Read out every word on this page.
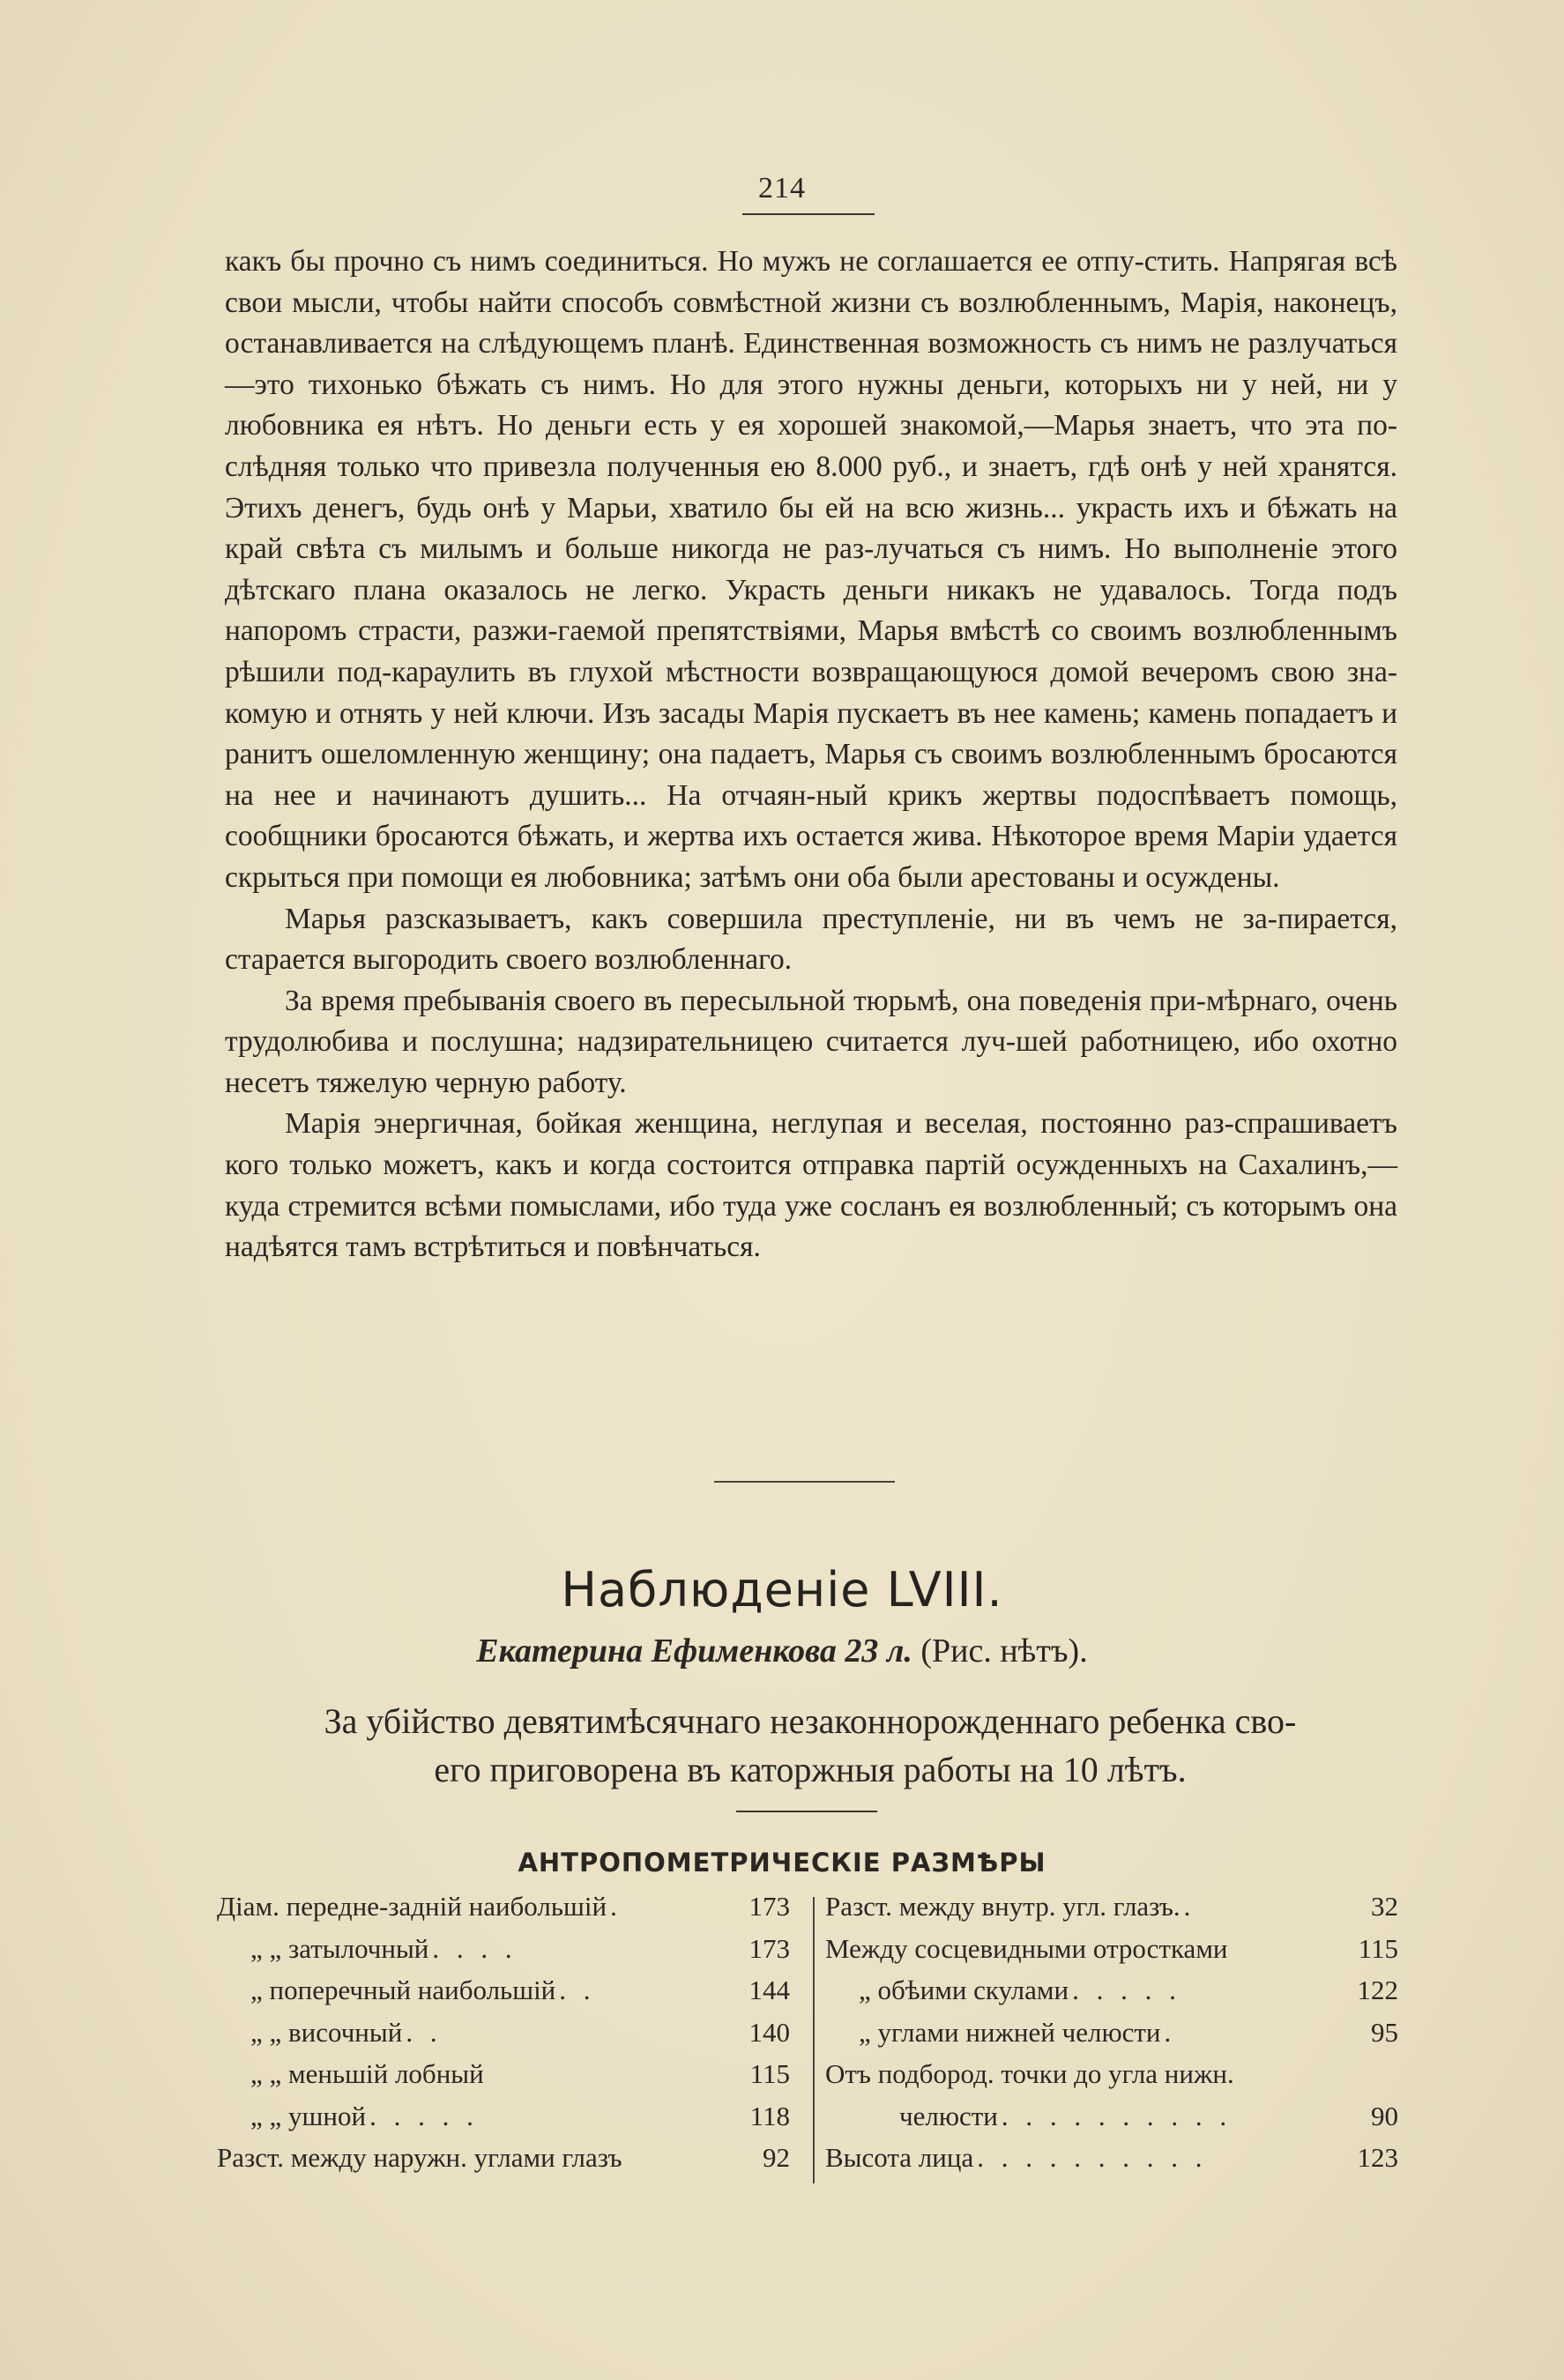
214

какъ бы прочно съ нимъ соединиться. Но мужъ не соглашается ее отпу-стить. Напрягая всѣ свои мысли, чтобы найти способъ совмѣстной жизни съ возлюбленнымъ, Марія, наконецъ, останавливается на слѣдующемъ планѣ. Единственная возможность съ нимъ не разлучаться—это тихонько бѣжать съ нимъ. Но для этого нужны деньги, которыхъ ни у ней, ни у любовника ея нѣтъ. Но деньги есть у ея хорошей знакомой,—Марья знаетъ, что эта по-слѣдняя только что привезла полученныя ею 8.000 руб., и знаетъ, гдѣ онѣ у ней хранятся. Этихъ денегъ, будь онѣ у Марьи, хватило бы ей на всю жизнь... украсть ихъ и бѣжать на край свѣта съ милымъ и больше никогда не раз-лучаться съ нимъ. Но выполненіе этого дѣтскаго плана оказалось не легко. Украсть деньги никакъ не удавалось. Тогда подъ напоромъ страсти, разжи-гаемой препятствіями, Марья вмѣстѣ со своимъ возлюбленнымъ рѣшили под-караулить въ глухой мѣстности возвращающуюся домой вечеромъ свою зна-комую и отнять у ней ключи. Изъ засады Марія пускаетъ въ нее камень; камень попадаетъ и ранитъ ошеломленную женщину; она падаетъ, Марья съ своимъ возлюбленнымъ бросаются на нее и начинаютъ душить... На отчаян-ный крикъ жертвы подоспѣваетъ помощь, сообщники бросаются бѣжать, и жертва ихъ остается жива. Нѣкоторое время Маріи удается скрыться при помощи ея любовника; затѣмъ они оба были арестованы и осуждены.

Марья разсказываетъ, какъ совершила преступленіе, ни въ чемъ не за-пирается, старается выгородить своего возлюбленнаго.

За время пребыванія своего въ пересыльной тюрьмѣ, она поведенія при-мѣрнаго, очень трудолюбива и послушна; надзирательницею считается луч-шей работницею, ибо охотно несетъ тяжелую черную работу.

Марія энергичная, бойкая женщина, неглупая и веселая, постоянно раз-спрашиваетъ кого только можетъ, какъ и когда состоится отправка партій осужденныхъ на Сахалинъ,—куда стремится всѣми помыслами, ибо туда уже сосланъ ея возлюбленный; съ которымъ она надѣятся тамъ встрѣтиться и повѣнчаться.

Наблюденіе LVIII.
Екатерина Ефименкова 23 л. (Рис. нѣтъ).
За убійство девятимѣсячнаго незаконнорожденнаго ребенка сво-
его приговорена въ каторжныя работы на 10 лѣтъ.
АНТРОПОМЕТРИЧЕСКІЕ РАЗМѢРЫ
Діам. передне-заднiй наибольшій .	173
„ „ затылочный . . . .	173
„ поперечный наибольшій . .	144
„ „ височный . .	140
„ „ меньшiй лобный	115
„ „ ушной . . . . .	118
Разст. между наружн. углами глазъ	92
Разст. между внутр. угл. глазъ. .	32
Между сосцевидными отростками	115
„ обѣими скулами . . . . .	122
„ углами нижней челюсти .	95
Отъ подбород. точки до угла нижн.
челюсти . . . . . . . . . .	90
Высота лица . . . . . . . . . .	123
